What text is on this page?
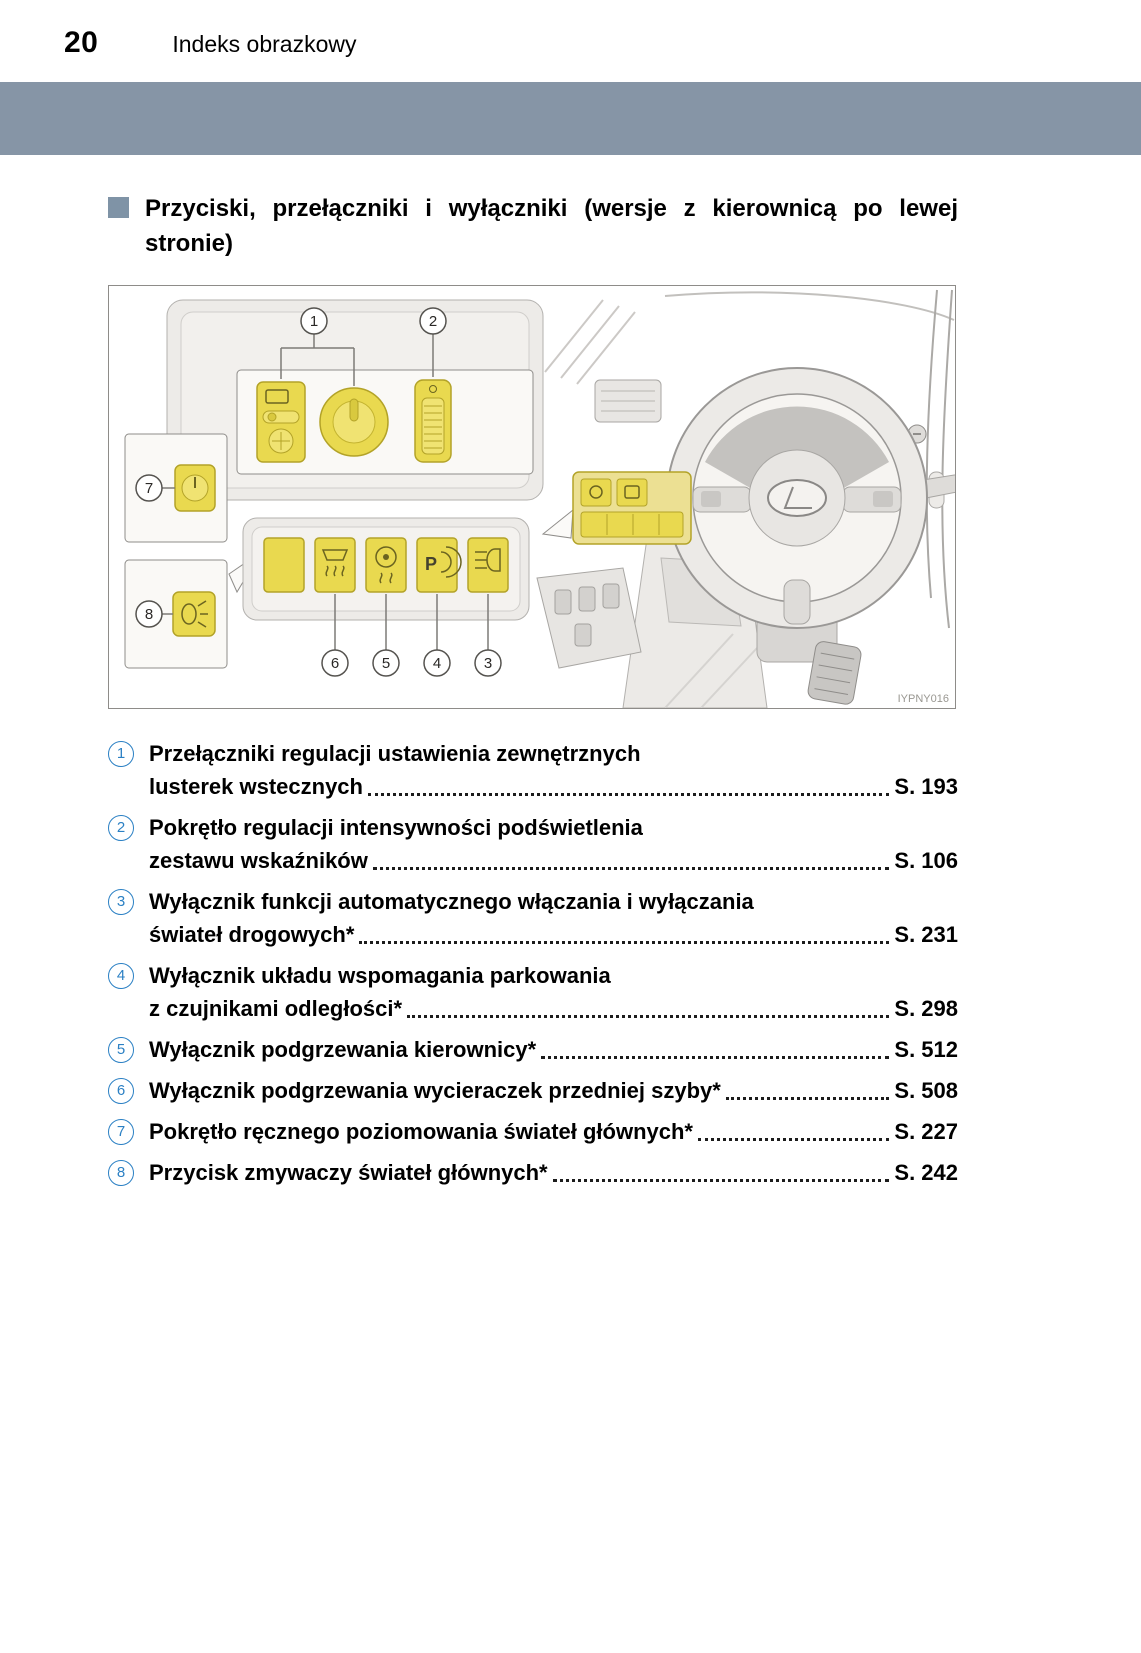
20	Indeks obrazkowy
Przyciski, przełączniki i wyłączniki (wersje z kierownicą po lewej
stronie)
P
1	2
7
8
6	5	4	3
IYPNY016
1	Przełączniki regulacji ustawienia zewnętrznych
lusterek wstecznych	S. 193
2	Pokrętło regulacji intensywności podświetlenia
zestawu wskaźników	S. 106
3	Wyłącznik funkcji automatycznego włączania i wyłączania
świateł drogowych*	S. 231
4	Wyłącznik układu wspomagania parkowania
z czujnikami odległości*	S. 298
5	Wyłącznik podgrzewania kierownicy*	S. 512
6	Wyłącznik podgrzewania wycieraczek przedniej szyby*	S. 508
7	Pokrętło ręcznego poziomowania świateł głównych*	S. 227
8	Przycisk zmywaczy świateł głównych*	S. 242
